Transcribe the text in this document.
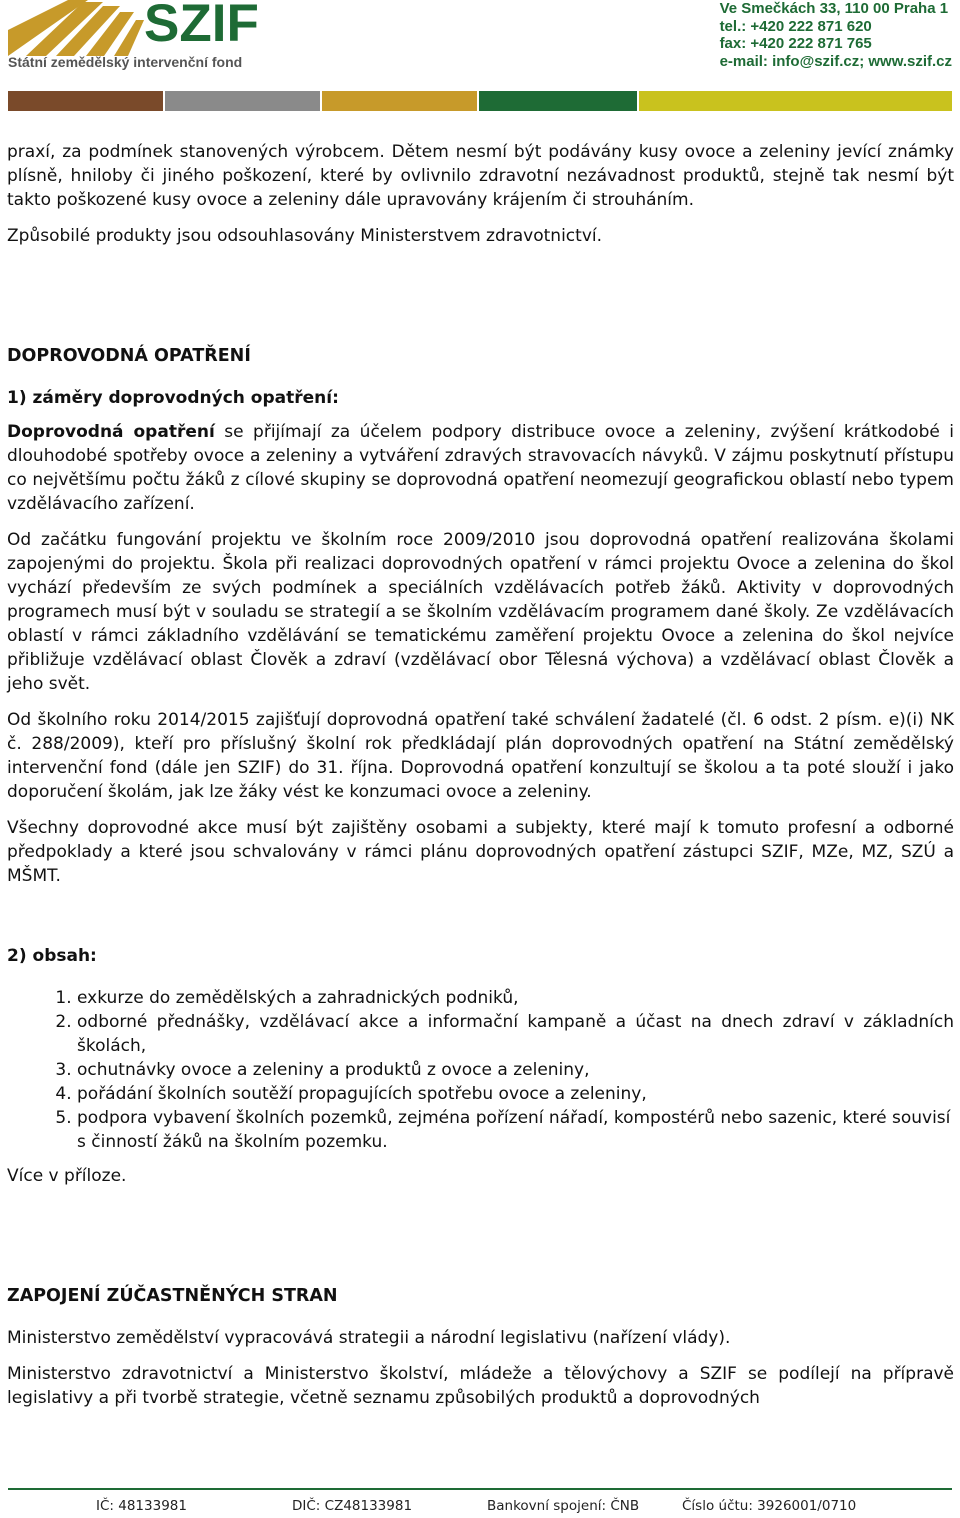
SZIF
Státní zemědělský intervenční fond
Ve Smečkách 33, 110 00 Praha 1
tel.: +420 222 871 620
fax: +420 222 871 765
e-mail: info@szif.cz; www.szif.cz

praxí, za podmínek stanovených výrobcem. Dětem nesmí být podávány kusy ovoce a zeleniny jevící známky plísně, hniloby či jiného poškození, které by ovlivnilo zdravotní nezávadnost produktů, stejně tak nesmí být takto poškozené kusy ovoce a zeleniny dále upravovány krájením či strouháním.

Způsobilé produkty jsou odsouhlasovány Ministerstvem zdravotnictví.

DOPROVODNÁ OPATŘENÍ

1) záměry doprovodných opatření:

Doprovodná opatření se přijímají za účelem podpory distribuce ovoce a zeleniny, zvýšení krátkodobé i dlouhodobé spotřeby ovoce a zeleniny a vytváření zdravých stravovacích návyků. V zájmu poskytnutí přístupu co největšímu počtu žáků z cílové skupiny se doprovodná opatření neomezují geografickou oblastí nebo typem vzdělávacího zařízení.

Od začátku fungování projektu ve školním roce 2009/2010 jsou doprovodná opatření realizována školami zapojenými do projektu. Škola při realizaci doprovodných opatření v rámci projektu Ovoce a zelenina do škol vychází především ze svých podmínek a speciálních vzdělávacích potřeb žáků. Aktivity v doprovodných programech musí být v souladu se strategií a se školním vzdělávacím programem dané školy. Ze vzdělávacích oblastí v rámci základního vzdělávání se tematickému zaměření projektu Ovoce a zelenina do škol nejvíce přibližuje vzdělávací oblast Člověk a zdraví (vzdělávací obor Tělesná výchova) a vzdělávací oblast Člověk a jeho svět.

Od školního roku 2014/2015 zajišťují doprovodná opatření také schválení žadatelé (čl. 6 odst. 2 písm. e)(i) NK č. 288/2009), kteří pro příslušný školní rok předkládají plán doprovodných opatření na Státní zemědělský intervenční fond (dále jen SZIF) do 31. října. Doprovodná opatření konzultují se školou a ta poté slouží i jako doporučení školám, jak lze žáky vést ke konzumaci ovoce a zeleniny.

Všechny doprovodné akce musí být zajištěny osobami a subjekty, které mají k tomuto profesní a odborné předpoklady a které jsou schvalovány v rámci plánu doprovodných opatření zástupci SZIF, MZe, MZ, SZÚ a MŠMT.

2) obsah:

1. exkurze do zemědělských a zahradnických podniků,
2. odborné přednášky, vzdělávací akce a informační kampaně a účast na dnech zdraví v základních školách,
3. ochutnávky ovoce a zeleniny a produktů z ovoce a zeleniny,
4. pořádání školních soutěží propagujících spotřebu ovoce a zeleniny,
5. podpora vybavení školních pozemků, zejména pořízení nářadí, kompostérů nebo sazenic, které souvisí s činností žáků na školním pozemku.

Více v příloze.

ZAPOJENÍ ZÚČASTNĚNÝCH STRAN

Ministerstvo zemědělství vypracovává strategii a národní legislativu (nařízení vlády).

Ministerstvo zdravotnictví a Ministerstvo školství, mládeže a tělovýchovy a SZIF se podílejí na přípravě legislativy a při tvorbě strategie, včetně seznamu způsobilých produktů a doprovodných

IČ: 48133981	DIČ: CZ48133981	Bankovní spojení: ČNB	Číslo účtu: 3926001/0710
